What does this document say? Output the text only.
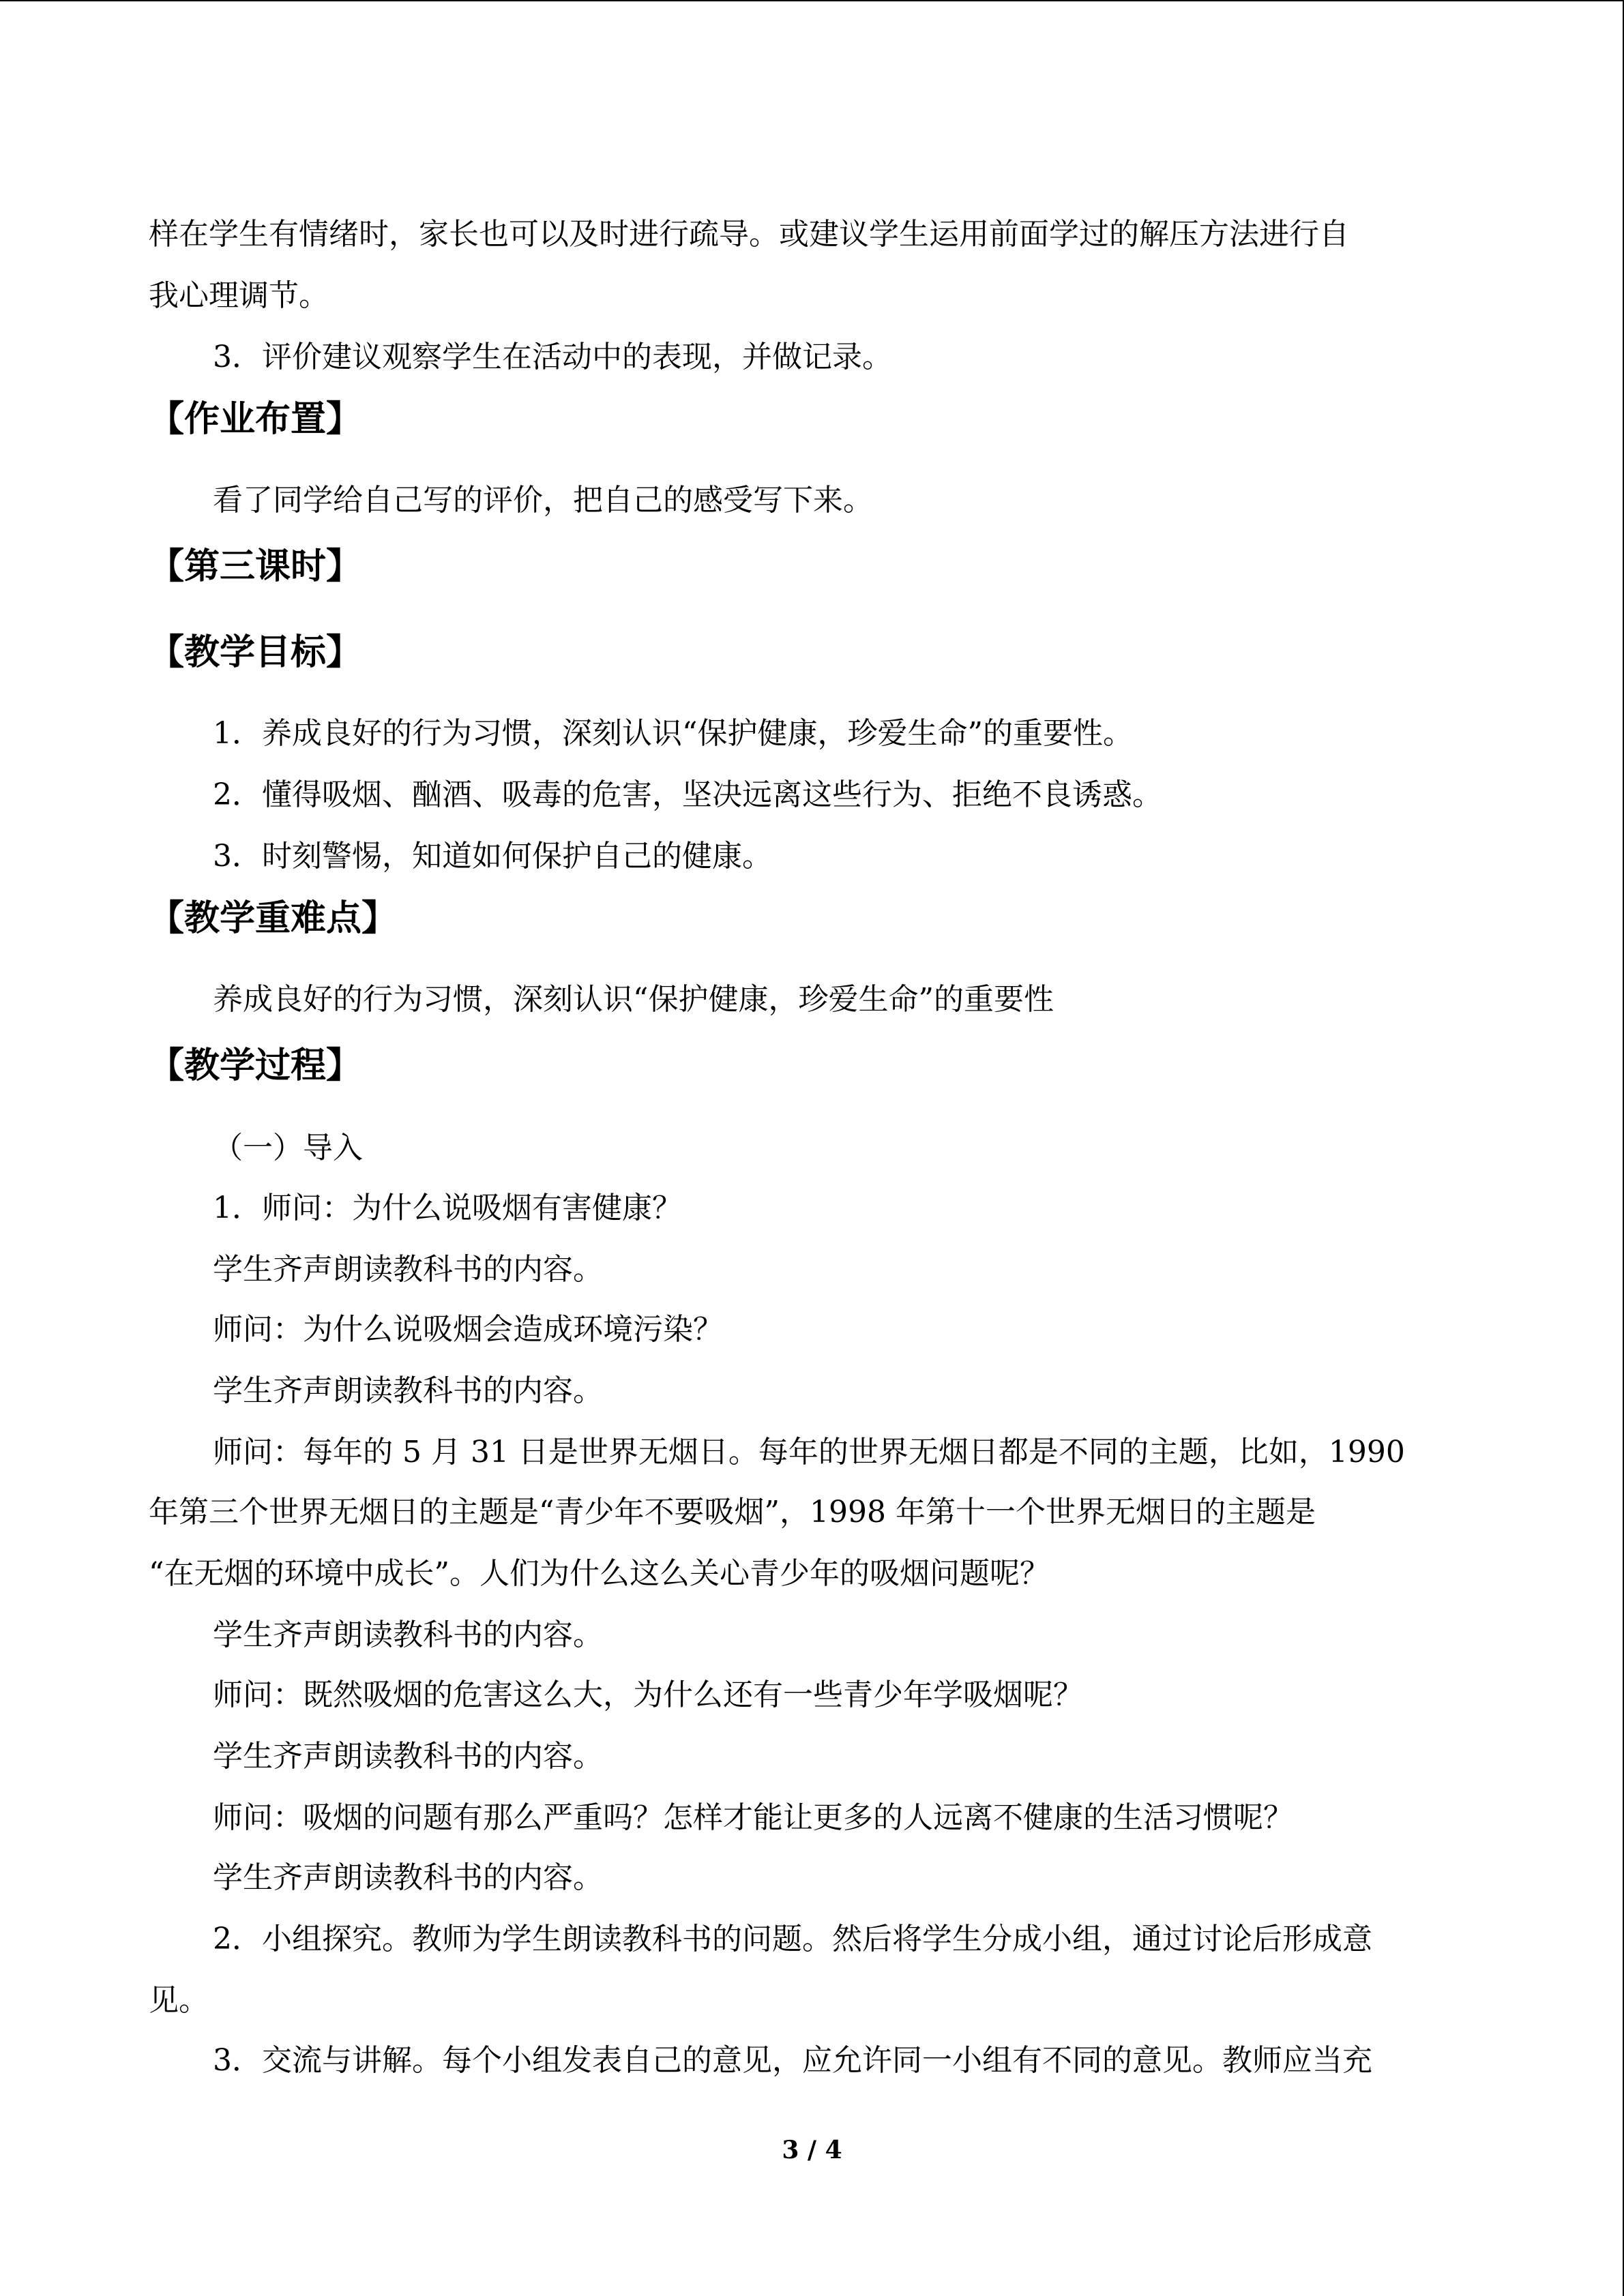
样在学生有情绪时，家长也可以及时进行疏导。或建议学生运用前面学过的解压方法进行自
我心理调节。
3．评价建议观察学生在活动中的表现，并做记录。
【作业布置】
看了同学给自己写的评价，把自己的感受写下来。
【第三课时】
【教学目标】
1．养成良好的行为习惯，深刻认识“保护健康，珍爱生命”的重要性。
2．懂得吸烟、酗酒、吸毒的危害，坚决远离这些行为、拒绝不良诱惑。
3．时刻警惕，知道如何保护自己的健康。
【教学重难点】
养成良好的行为习惯，深刻认识“保护健康，珍爱生命”的重要性
【教学过程】
（一）导入
1．师问：为什么说吸烟有害健康？
学生齐声朗读教科书的内容。
师问：为什么说吸烟会造成环境污染？
学生齐声朗读教科书的内容。
师问：每年的 5 月 31 日是世界无烟日。每年的世界无烟日都是不同的主题，比如，1990
年第三个世界无烟日的主题是“青少年不要吸烟”，1998 年第十一个世界无烟日的主题是
“在无烟的环境中成长”。人们为什么这么关心青少年的吸烟问题呢？
学生齐声朗读教科书的内容。
师问：既然吸烟的危害这么大，为什么还有一些青少年学吸烟呢？
学生齐声朗读教科书的内容。
师问：吸烟的问题有那么严重吗？怎样才能让更多的人远离不健康的生活习惯呢？
学生齐声朗读教科书的内容。
2．小组探究。教师为学生朗读教科书的问题。然后将学生分成小组，通过讨论后形成意
见。
3．交流与讲解。每个小组发表自己的意见，应允许同一小组有不同的意见。教师应当充
3 / 4
